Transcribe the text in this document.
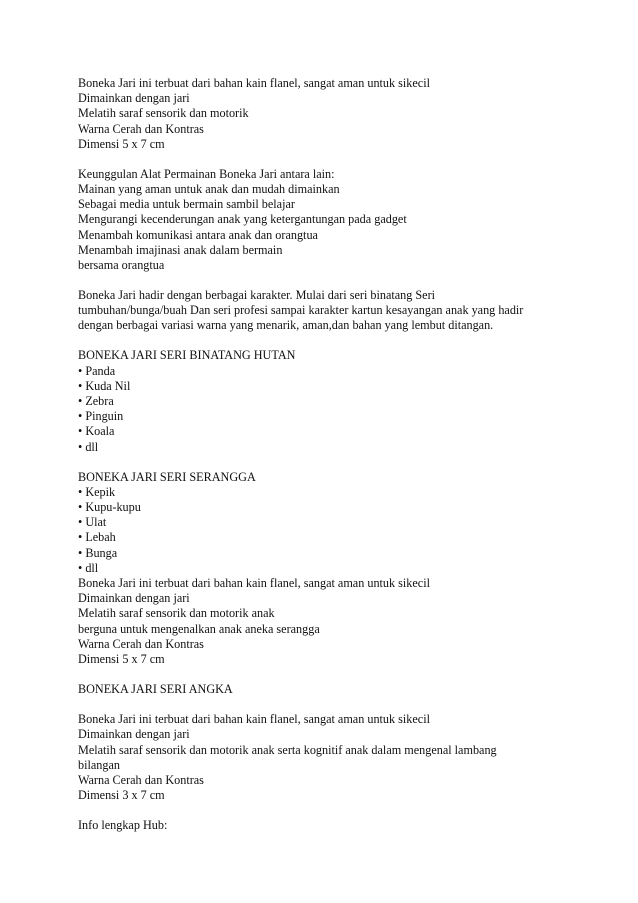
Boneka Jari ini terbuat dari bahan kain flanel, sangat aman untuk sikecil
Dimainkan dengan jari
Melatih saraf sensorik dan motorik
Warna Cerah dan Kontras
Dimensi 5 x 7 cm
Keunggulan Alat Permainan Boneka Jari antara lain:
Mainan yang aman untuk anak dan mudah dimainkan
Sebagai media untuk bermain sambil belajar
Mengurangi kecenderungan anak yang ketergantungan pada gadget
Menambah komunikasi antara anak dan orangtua
Menambah imajinasi anak dalam bermain
bersama orangtua
Boneka Jari hadir dengan berbagai karakter. Mulai dari seri binatang Seri
tumbuhan/bunga/buah Dan seri profesi sampai karakter kartun kesayangan anak yang hadir
dengan berbagai variasi warna yang menarik, aman,dan bahan yang lembut ditangan.
BONEKA JARI SERI BINATANG HUTAN
• Panda
• Kuda Nil
• Zebra
• Pinguin
• Koala
• dll
BONEKA JARI SERI SERANGGA
• Kepik
• Kupu-kupu
• Ulat
• Lebah
• Bunga
• dll
Boneka Jari ini terbuat dari bahan kain flanel, sangat aman untuk sikecil
Dimainkan dengan jari
Melatih saraf sensorik dan motorik anak
berguna untuk mengenalkan anak aneka serangga
Warna Cerah dan Kontras
Dimensi 5 x 7 cm
BONEKA JARI SERI ANGKA
Boneka Jari ini terbuat dari bahan kain flanel, sangat aman untuk sikecil
Dimainkan dengan jari
Melatih saraf sensorik dan motorik anak serta kognitif anak dalam mengenal lambang
bilangan
Warna Cerah dan Kontras
Dimensi 3 x 7 cm
Info lengkap Hub:
